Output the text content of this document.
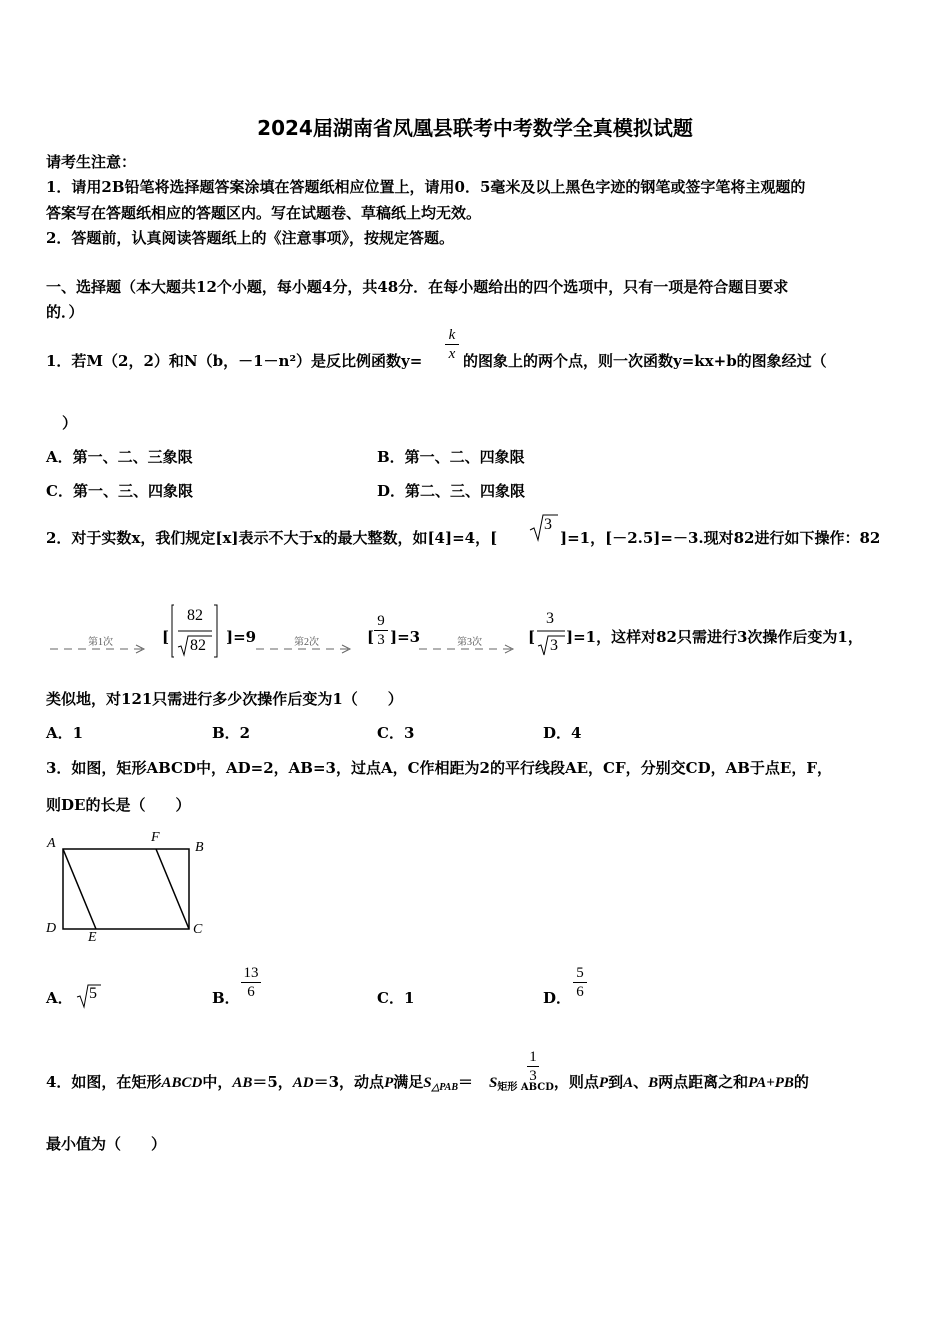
2024届湖南省凤凰县联考中考数学全真模拟试题
请考生注意：
1．请用2B铅笔将选择题答案涂填在答题纸相应位置上，请用0．5毫米及以上黑色字迹的钢笔或签字笔将主观题的
答案写在答题纸相应的答题区内。写在试题卷、草稿纸上均无效。
2．答题前，认真阅读答题纸上的《注意事项》，按规定答题。
一、选择题（本大题共12个小题，每小题4分，共48分．在每小题给出的四个选项中，只有一项是符合题目要求
的．）
1．若M（2，2）和N（b，－1－n²）是反比例函数y=
k
x 的图象上的两个点，则一次函数y=kx+b的图象经过（
）
A．第一、二、三象限	B．第一、二、四象限
C．第一、三、四象限	D．第二、三、四象限
2．对于实数x，我们规定[x]表示不大于x的最大整数，如[4]=4，[
3
]=1，[－2.5]=－3.现对82进行如下操作：82
第1次	[
82
82 ]=9	第2次	[
9
3 ]=3	第3次	[
3
3 ]=1，这样对82只需进行3次操作后变为1，
类似地，对121只需进行多少次操作后变为1（　　）
A．1	B．2	C．3	D．4
3．如图，矩形ABCD中，AD=2，AB=3，过点A，C作相距为2的平行线段AE，CF，分别交CD，AB于点E，F，
则DE的长是（　　）
A	F
B
D
E
C
A． 5	B．
13
6	C．1	D．
5
6
4．如图，在矩形ABCD中，AB＝5，AD＝3，动点P满足$S_{\triangle PAB}= S_{矩形 ABCD}$，则点P到A、B两点距离之和PA+PB的
1
3
最小值为（　　）
